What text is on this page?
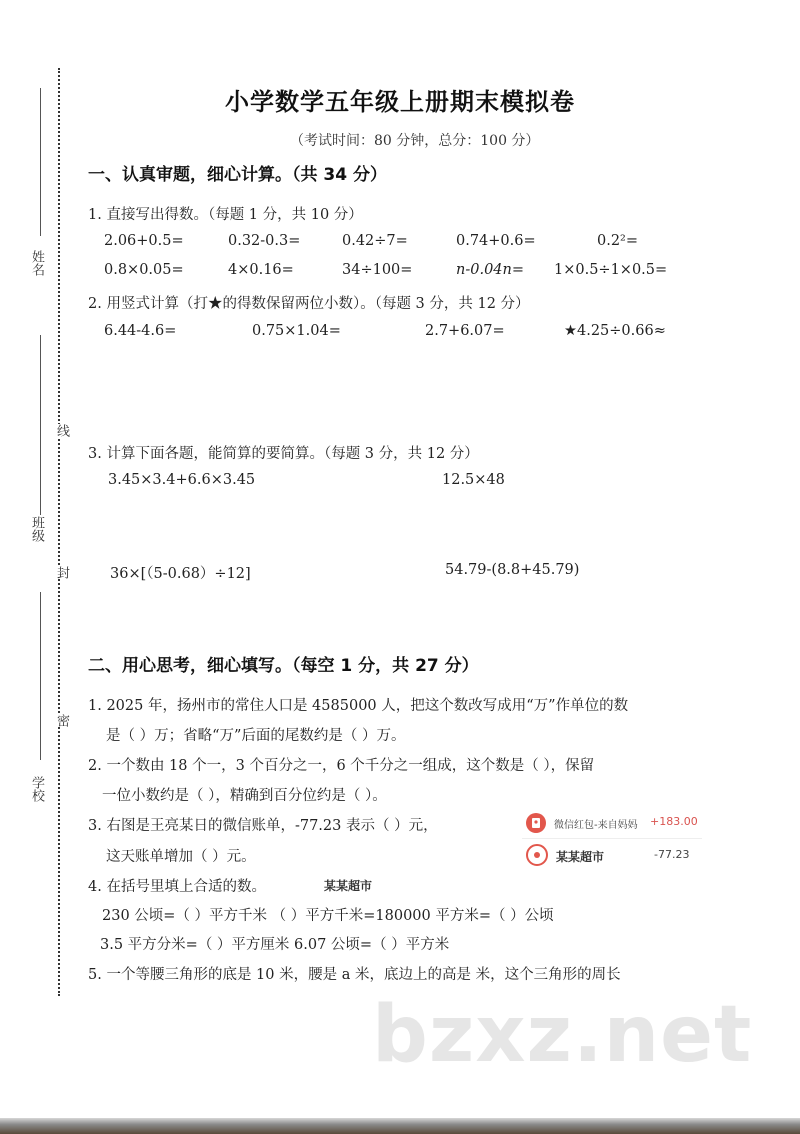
姓名
班级
学校
线
封
密
小学数学五年级上册期末模拟卷
（考试时间：80 分钟，总分：100 分）
一、认真审题，细心计算。（共 34 分）
1. 直接写出得数。（每题 1 分，共 10 分）
2.06+0.5=	0.32-0.3=	0.42÷7=	0.74+0.6=	0.2²=
0.8×0.05=	4×0.16=	34÷100=	n-0.04n= 1×0.5÷1×0.5=
2. 用竖式计算（打★的得数保留两位小数）。（每题 3 分，共 12 分）
6.44-4.6=	0.75×1.04=	2.7+6.07=	★4.25÷0.66≈
3. 计算下面各题，能简算的要简算。（每题 3 分，共 12 分）
3.45×3.4+6.6×3.45	12.5×48
36×[（5-0.68）÷12]	54.79-(8.8+45.79)
二、用心思考，细心填写。（每空 1 分，共 27 分）
1. 2025 年，扬州市的常住人口是 4585000 人，把这个数改写成用“万”作单位的数
是（ ）万；省略“万”后面的尾数约是（ ）万。
2. 一个数由 18 个一，3 个百分之一，6 个千分之一组成，这个数是（ ），保留
一位小数约是（ ），精确到百分位约是（ ）。
3. 右图是王亮某日的微信账单，-77.23 表示（ ）元，
这天账单增加（ ）元。
微信红包-来自妈妈 +183.00
某某超市	-77.23
4. 在括号里填上合适的数。	某某超市
230 公顷=（ ）平方千米 （ ）平方千米=180000 平方米=（ ）公顷
3.5 平方分米=（ ）平方厘米 6.07 公顷=（ ）平方米
5. 一个等腰三角形的底是 10 米，腰是 a 米，底边上的高是 米，这个三角形的周长
bzxz.net
